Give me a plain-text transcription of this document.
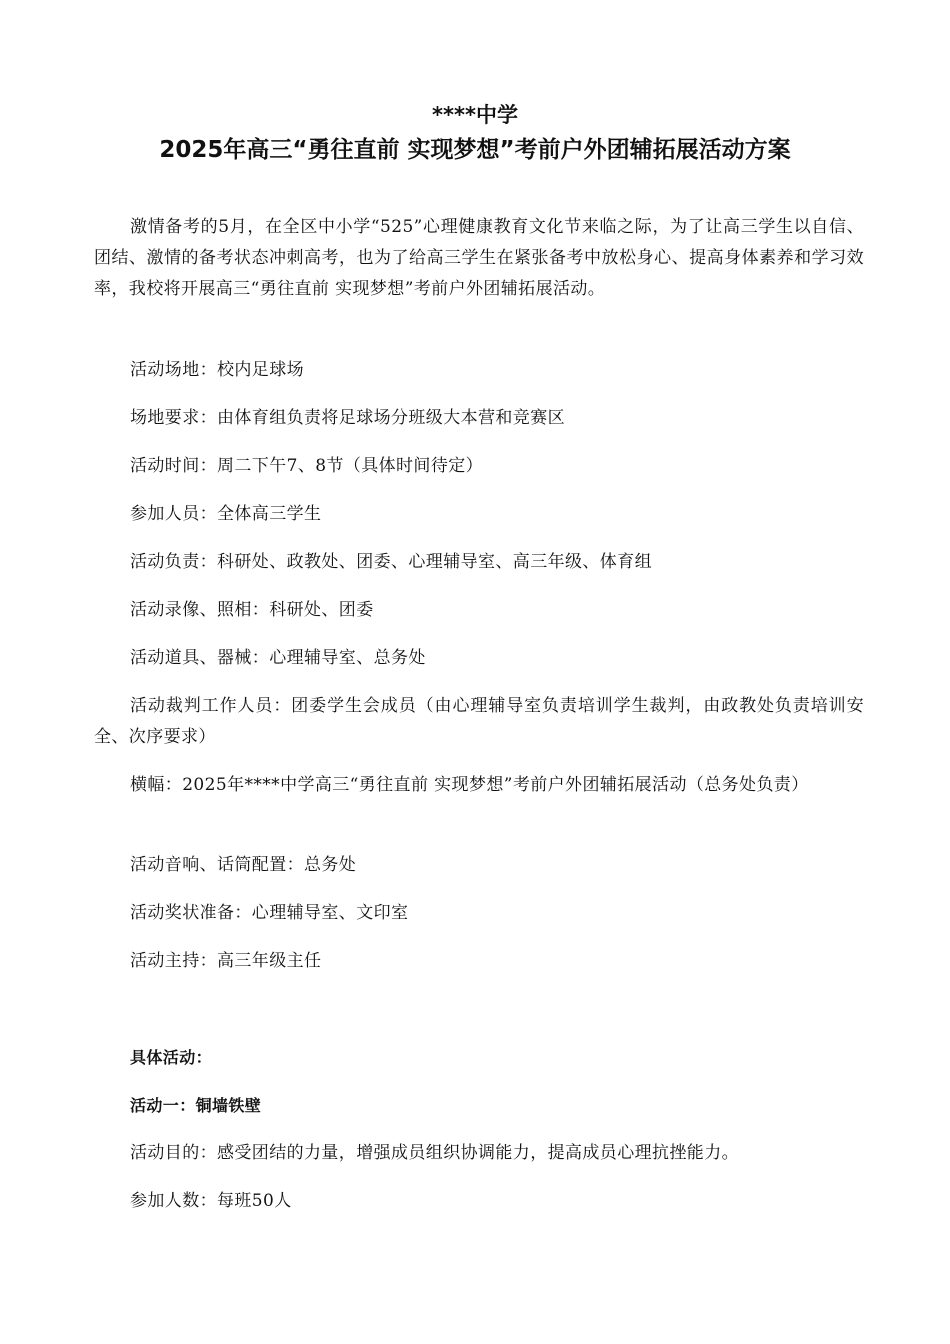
****中学
2025年高三“勇往直前 实现梦想”考前户外团辅拓展活动方案

激情备考的5月，在全区中小学“525”心理健康教育文化节来临之际，为了让高三学生以自信、团结、激情的备考状态冲刺高考，也为了给高三学生在紧张备考中放松身心、提高身体素养和学习效率，我校将开展高三“勇往直前 实现梦想”考前户外团辅拓展活动。

活动场地：校内足球场

场地要求：由体育组负责将足球场分班级大本营和竞赛区

活动时间：周二下午7、8节（具体时间待定）

参加人员：全体高三学生

活动负责：科研处、政教处、团委、心理辅导室、高三年级、体育组

活动录像、照相：科研处、团委

活动道具、器械：心理辅导室、总务处

活动裁判工作人员：团委学生会成员（由心理辅导室负责培训学生裁判，由政教处负责培训安全、次序要求）

横幅：2025年****中学高三“勇往直前 实现梦想”考前户外团辅拓展活动（总务处负责）

活动音响、话筒配置：总务处

活动奖状准备：心理辅导室、文印室

活动主持：高三年级主任

具体活动：

活动一：铜墙铁壁

活动目的：感受团结的力量，增强成员组织协调能力，提高成员心理抗挫能力。

参加人数：每班50人
